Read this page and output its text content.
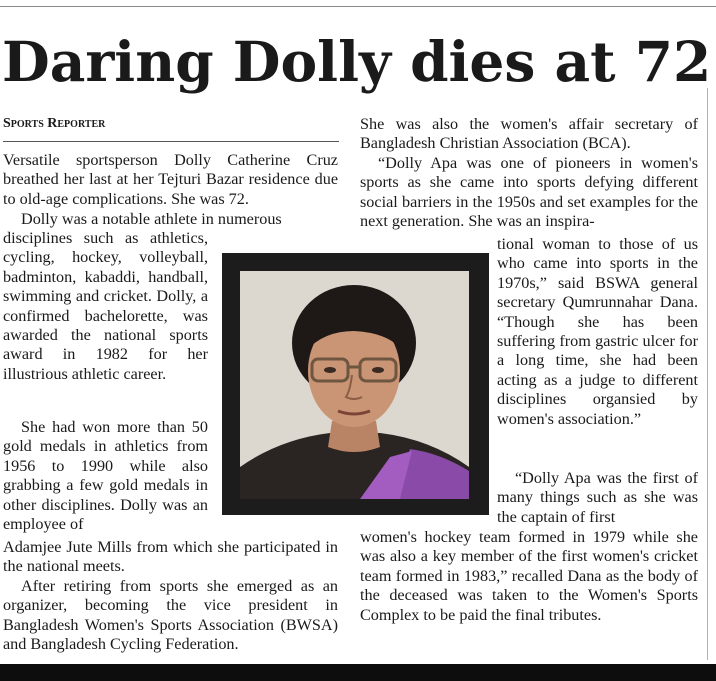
Daring Dolly dies at 72
Sports Reporter

Versatile sportsperson Dolly Catherine Cruz breathed her last at her Tejturi Bazar residence due to old-age complications. She was 72.

Dolly was a notable athlete in numerous

disciplines such as athletics, cycling, hockey, volleyball, badminton, kabaddi, handball, swimming and cricket. Dolly, a confirmed bachelorette, was awarded the national sports award in 1982 for her illustrious athletic career.

She had won more than 50 gold medals in athletics from 1956 to 1990 while also grabbing a few gold medals in other disciplines. Dolly was an employee of

Adamjee Jute Mills from which she participated in the national meets.

After retiring from sports she emerged as an organizer, becoming the vice president in Bangladesh Women's Sports Association (BWSA) and Bangladesh Cycling Federation.

She was also the women's affair secretary of Bangladesh Christian Association (BCA).

“Dolly Apa was one of pioneers in women's sports as she came into sports defying different social barriers in the 1950s and set examples for the next generation. She was an inspira-

tional woman to those of us who came into sports in the 1970s,” said BSWA general secretary Qumrunnahar Dana. “Though she has been suffering from gastric ulcer for a long time, she had been acting as a judge to different disciplines organsied by women's association.”

“Dolly Apa was the first of many things such as she was the captain of first

women's hockey team formed in 1979 while she was also a key member of the first women's cricket team formed in 1983,” recalled Dana as the body of the deceased was taken to the Women's Sports Complex to be paid the final tributes.
